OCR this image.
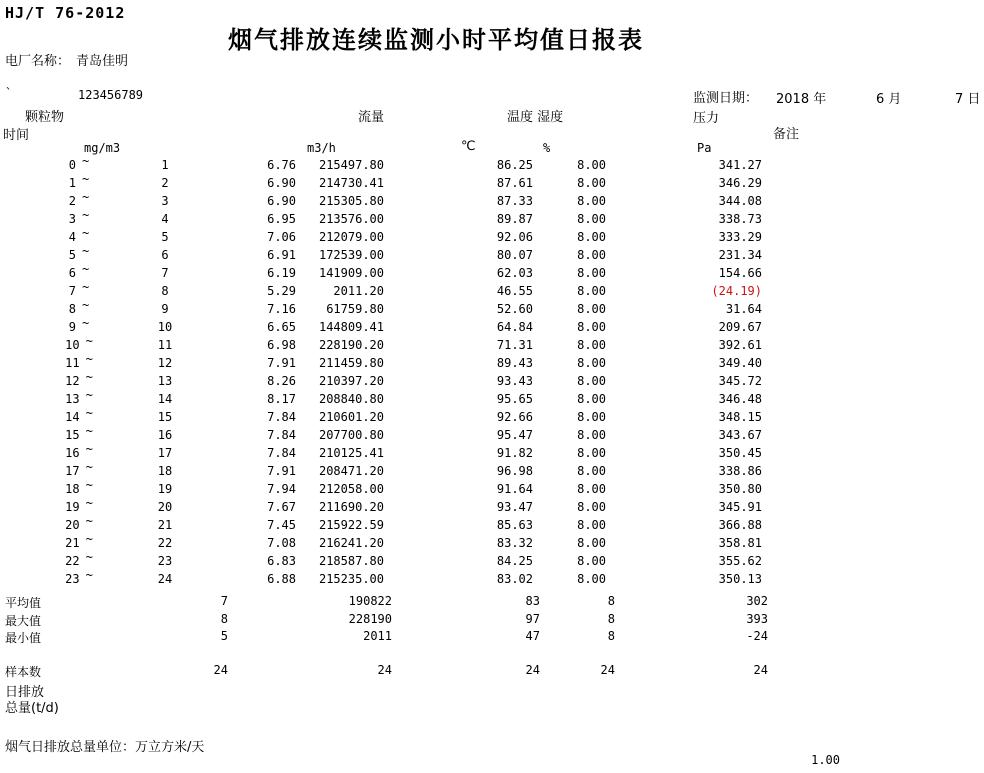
HJ/T 76-2012
烟气排放连续监测小时平均值日报表
电厂名称： 青岛佳明
`	123456789	监测日期： 2018 年	6 月	7 日
颗粒物	流量	温度 湿度	压力
时间	备注
mg/m3	m3/h	℃	%	Pa
0 ~	1	6.76	215497.80	86.25	8.00	341.27
1 ~	2	6.90	214730.41	87.61	8.00	346.29
2 ~	3	6.90	215305.80	87.33	8.00	344.08
3 ~	4	6.95	213576.00	89.87	8.00	338.73
4 ~	5	7.06	212079.00	92.06	8.00	333.29
5 ~	6	6.91	172539.00	80.07	8.00	231.34
6 ~	7	6.19	141909.00	62.03	8.00	154.66
7 ~	8	5.29	2011.20	46.55	8.00	(24.19)
8 ~	9	7.16	61759.80	52.60	8.00	31.64
9 ~	10	6.65	144809.41	64.84	8.00	209.67
10 ~	11	6.98	228190.20	71.31	8.00	392.61
11 ~	12	7.91	211459.80	89.43	8.00	349.40
12 ~	13	8.26	210397.20	93.43	8.00	345.72
13 ~	14	8.17	208840.80	95.65	8.00	346.48
14 ~	15	7.84	210601.20	92.66	8.00	348.15
15 ~	16	7.84	207700.80	95.47	8.00	343.67
16 ~	17	7.84	210125.41	91.82	8.00	350.45
17 ~	18	7.91	208471.20	96.98	8.00	338.86
18 ~	19	7.94	212058.00	91.64	8.00	350.80
19 ~	20	7.67	211690.20	93.47	8.00	345.91
20 ~	21	7.45	215922.59	85.63	8.00	366.88
21 ~	22	7.08	216241.20	83.32	8.00	358.81
22 ~	23	6.83	218587.80	84.25	8.00	355.62
23 ~	24	6.88	215235.00	83.02	8.00	350.13
平均值	7	190822	83	8	302
最大值	8	228190	97	8	393
最小值	5	2011	47	8	-24
样本数	24	24	24	24	24
日排放
总量(t/d)
烟气日排放总量单位：万立方米/天
1.00
